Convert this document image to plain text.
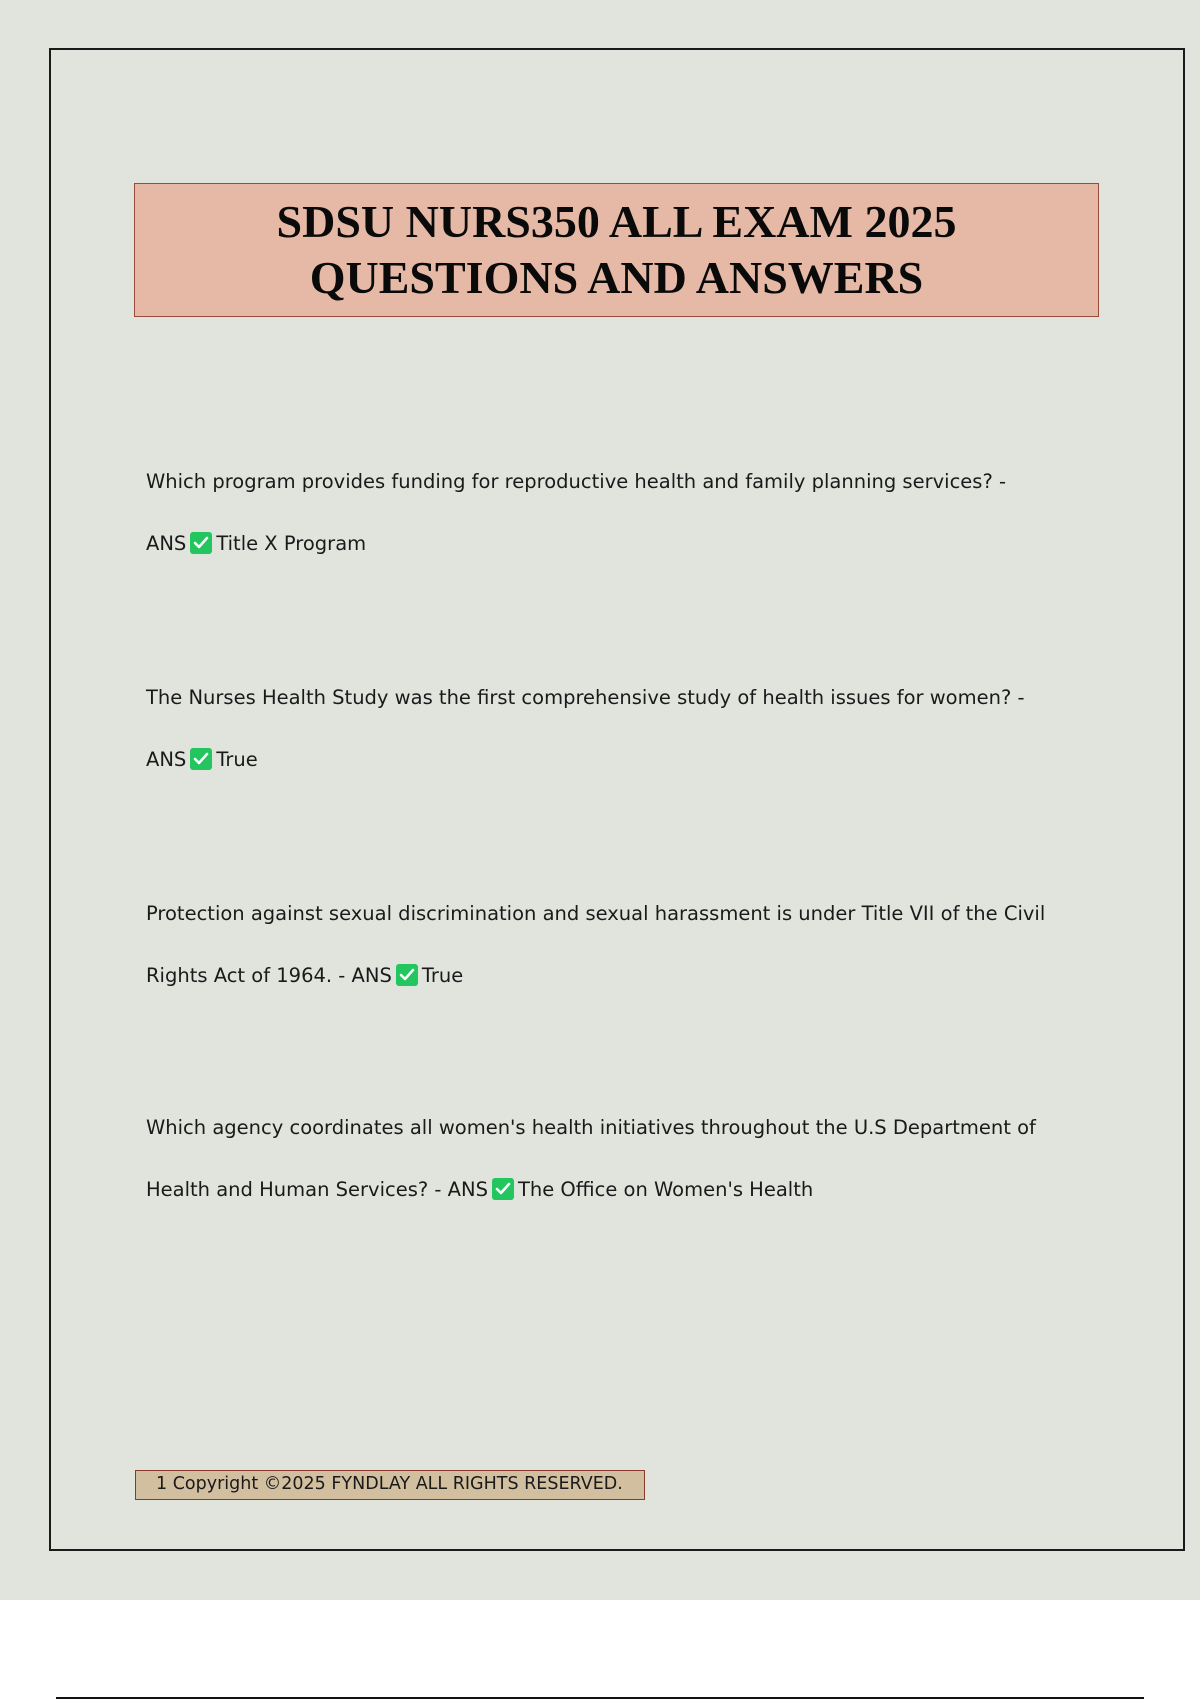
SDSU NURS350 ALL EXAM 2025
QUESTIONS AND ANSWERS
Which program provides funding for reproductive health and family planning services? -
ANS Title X Program
The Nurses Health Study was the first comprehensive study of health issues for women? -
ANS True
Protection against sexual discrimination and sexual harassment is under Title VII of the Civil
Rights Act of 1964. - ANS True
Which agency coordinates all women's health initiatives throughout the U.S Department of
Health and Human Services? - ANS The Office on Women's Health
1 Copyright ©2025 FYNDLAY ALL RIGHTS RESERVED.
